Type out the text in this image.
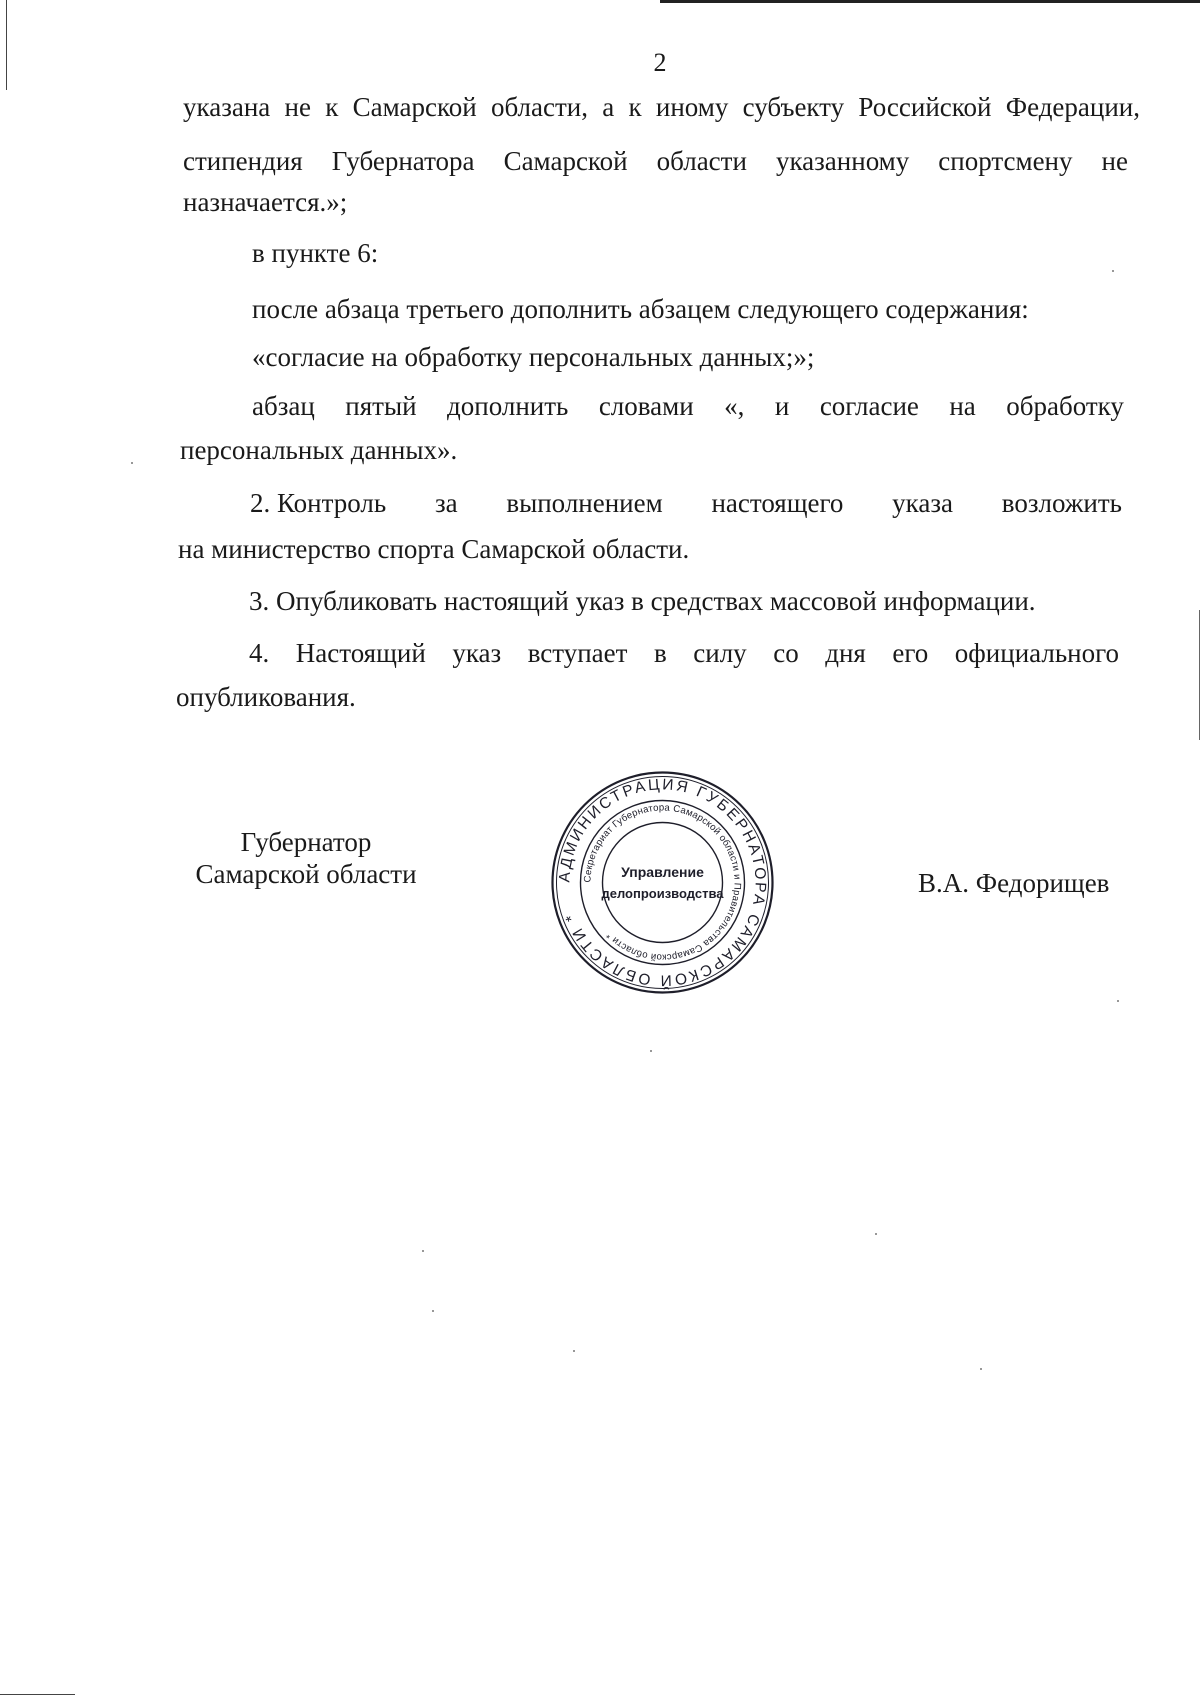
2
указана не к Самарской области, а к иному субъекту Российской Федерации,
стипендия Губернатора Самарской области указанному спортсмену не
назначается.»;
в пункте 6:
после абзаца третьего дополнить абзацем следующего содержания:
«согласие на обработку персональных данных;»;
абзац пятый дополнить словами «, и согласие на обработку
персональных данных».
2. Контроль за выполнением настоящего указа возложить
на министерство спорта Самарской области.
3. Опубликовать настоящий указ в средствах массовой информации.
4. Настоящий указ вступает в силу со дня его официального
опубликования.
Губернатор
Самарской области	В.А. Федорищев
АДМИНИСТРАЦИЯ ГУБЕРНАТОРА САМАРСКОЙ ОБЛАСТИ *
Секретариат Губернатора Самарской области и Правительства Самарской области *
Управление
делопроизводства
